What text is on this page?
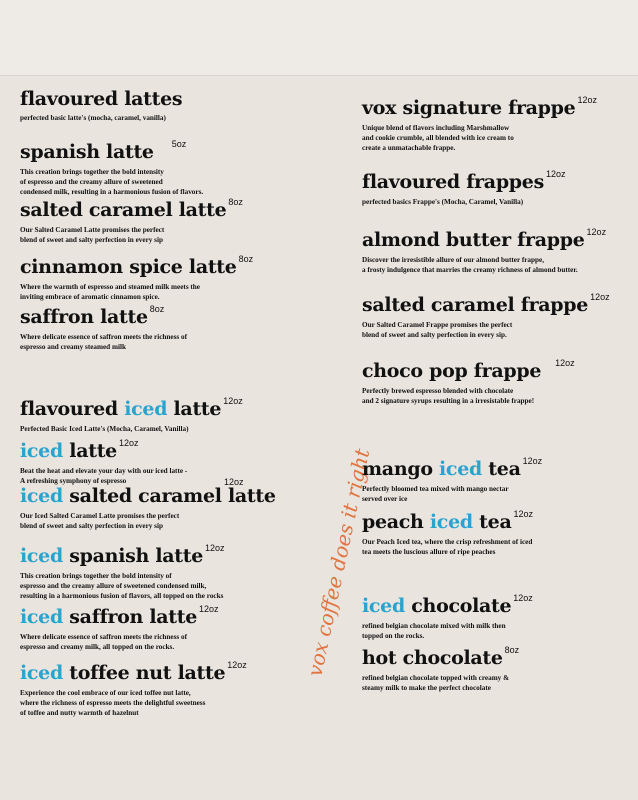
flavoured lattes
perfected basic latte's (mocha, caramel, vanilla)
spanish latte $^{5oz}$
This creation brings together the bold intensity
of espresso and the creamy allure of sweetened
condensed milk, resulting in a harmonious fusion of flavors.
salted caramel latte $^{8oz}$
Our Salted Caramel Latte promises the perfect
blend of sweet and salty perfection in every sip
cinnamon spice latte $^{8oz}$
Where the warmth of espresso and steamed milk meets the
inviting embrace of aromatic cinnamon spice.
saffron latte $^{8oz}$
Where delicate essence of saffron meets the richness of
espresso and creamy steamed milk
flavoured iced latte $^{12oz}$
Perfected Basic Iced Latte's (Mocha, Caramel, Vanilla)
iced latte $^{12oz}$
Beat the heat and elevate your day with our iced latte -
A refreshing symphony of espresso
iced salted caramel latte
12oz
Our Iced Salted Caramel Latte promises the perfect
blend of sweet and salty perfection in every sip
iced spanish latte $^{12oz}$
This creation brings together the bold intensity of
espresso and the creamy allure of sweetened condensed milk,
resulting in a harmonious fusion of flavors, all topped on the rocks
iced saffron latte $^{12oz}$
Where delicate essence of saffron meets the richness of
espresso and creamy milk, all topped on the rocks.
iced toffee nut latte $^{12oz}$
Experience the cool embrace of our iced toffee nut latte,
where the richness of espresso meets the delightful sweetness
of toffee and nutty warmth of hazelnut
vox coffee does it right
vox signature frappe $^{12oz}$
Unique blend of flavors including Marshmallow
and cookie crumble, all blended with ice cream to
create a unmatachable frappe.
flavoured frappes $^{12oz}$
perfected basics Frappe's (Mocha, Caramel, Vanilla)
almond butter frappe $^{12oz}$
Discover the irresistible allure of our almond butter frappe,
a frosty indulgence that marries the creamy richness of almond butter.
salted caramel frappe $^{12oz}$
Our Salted Caramel Frappe promises the perfect
blend of sweet and salty perfection in every sip.
choco pop frappe $^{12oz}$
Perfectly brewed espresso blended with chocolate
and 2 signature syrups resulting in a irresistable frappe!
mango iced tea $^{12oz}$
Perfectly bloomed tea mixed with mango nectar
served over ice
peach iced tea $^{12oz}$
Our Peach Iced tea, where the crisp refreshment of iced
tea meets the luscious allure of ripe peaches
iced chocolate $^{12oz}$
refined belgian chocolate mixed with milk then
topped on the rocks.
hot chocolate $^{8oz}$
refined belgian chocolate topped with creamy &
steamy milk to make the perfect chocolate
